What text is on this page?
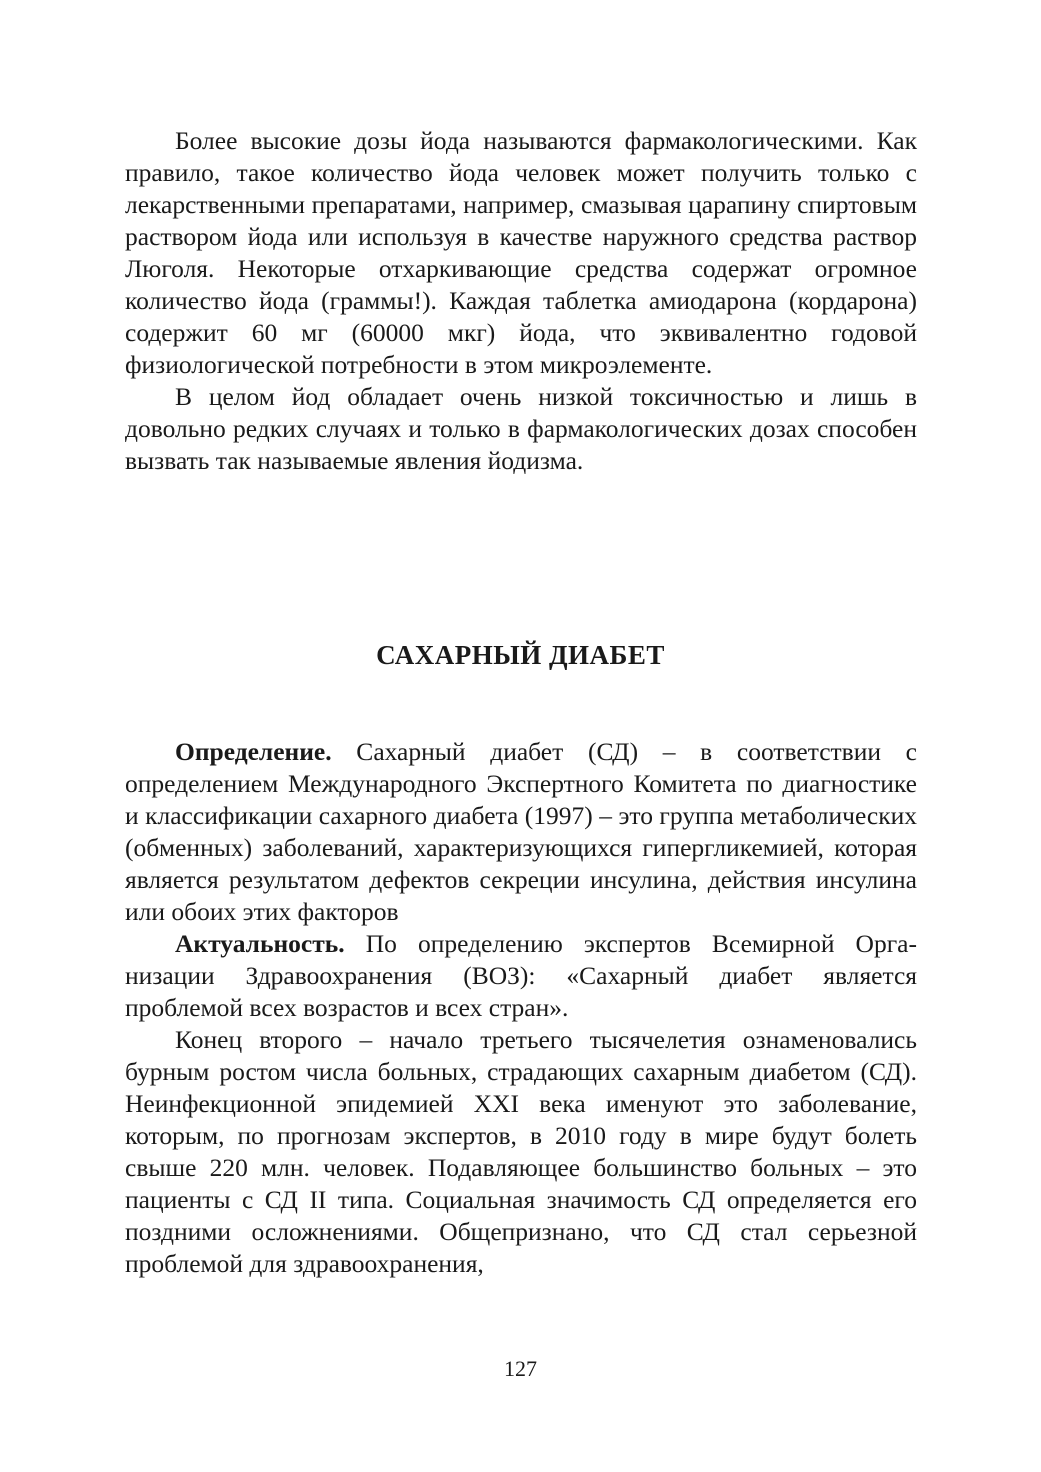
Более высокие дозы йода называются фармакологическими. Как правило, такое количество йода человек может получить только с лекарственными препаратами, например, смазывая царапину спиртовым раствором йода или используя в качестве наружного средства раствор Люголя. Некоторые отхаркивающие средства содержат огромное количество йода (граммы!). Каждая таблетка амиодарона (кордарона) содержит 60 мг (60000 мкг) йода, что эквивалентно годовой физиологической потребности в этом микроэлементе.

В целом йод обладает очень низкой токсичностью и лишь в довольно редких случаях и только в фармакологических дозах способен вызвать так называемые явления йодизма.

САХАРНЫЙ ДИАБЕТ

Определение. Сахарный диабет (СД) – в соответствии с определением Международного Экспертного Комитета по диагностике и классификации сахарного диабета (1997) – это группа метаболических (обменных) заболеваний, характеризующихся гипергликемией, которая является результатом дефектов секреции инсулина, действия инсулина или обоих этих факторов

Актуальность. По определению экспертов Всемирной Организации Здравоохранения (ВОЗ): «Сахарный диабет является проблемой всех возрастов и всех стран».

Конец второго – начало третьего тысячелетия ознаменовались бурным ростом числа больных, страдающих сахарным диабетом (СД). Неинфекционной эпидемией XXI века именуют это заболевание, которым, по прогнозам экспертов, в 2010 году в мире будут болеть свыше 220 млн. человек. Подавляющее большинство больных – это пациенты с СД II типа. Социальная значимость СД определяется его поздними осложнениями. Общепризнано, что СД стал серьезной проблемой для здравоохранения,

127
